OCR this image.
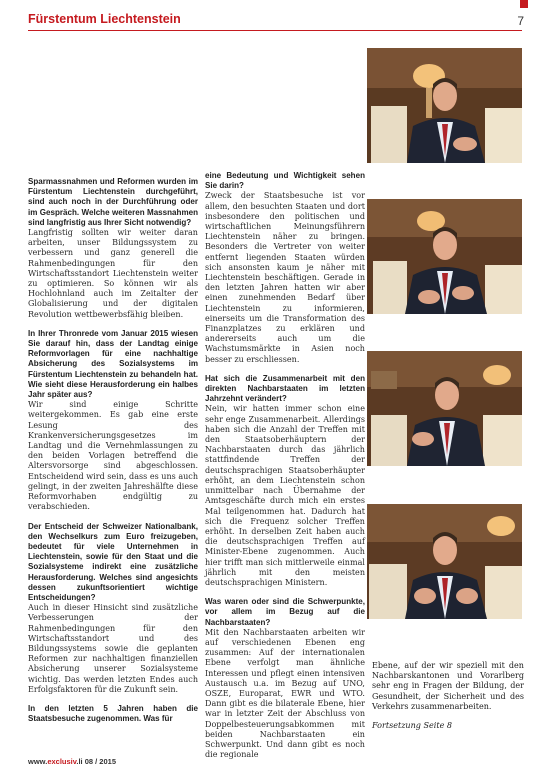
Fürstentum Liechtenstein	7

Sparmassnahmen und Reformen wurden im Fürstentum Liechtenstein durchgeführt, sind auch noch in der Durchführung oder im Gespräch. Welche weiteren Massnahmen sind langfristig aus Ihrer Sicht notwendig?
Langfristig sollten wir weiter daran arbeiten, unser Bildungssystem zu verbessern und ganz generell die Rahmenbedingungen für den Wirtschaftsstandort Liechtenstein weiter zu optimieren. So können wir als Hochlohnland auch im Zeitalter der Globalisierung und der digitalen Revolution wettbewerbsfähig bleiben.

In Ihrer Thronrede vom Januar 2015 wiesen Sie darauf hin, dass der Landtag einige Reformvorlagen für eine nachhaltige Absicherung des Sozialsystems im Fürstentum Liechtenstein zu behandeln hat. Wie sieht diese Herausforderung ein halbes Jahr später aus?
Wir sind einige Schritte weitergekommen. Es gab eine erste Lesung des Krankenversicherungsgesetzes im Landtag und die Vernehmlassungen zu den beiden Vorlagen betreffend die Altersvorsorge sind abgeschlossen. Entscheidend wird sein, dass es uns auch gelingt, in der zweiten Jahreshälfte diese Reformvorhaben endgültig zu verabschieden.

Der Entscheid der Schweizer Nationalbank, den Wechselkurs zum Euro freizugeben, bedeutet für viele Unternehmen in Liechtenstein, sowie für den Staat und die Sozialsysteme indirekt eine zusätzliche Herausforderung. Welches sind angesichts dessen zukunftsorientiert wichtige Entscheidungen?
Auch in dieser Hinsicht sind zusätzliche Verbesserungen der Rahmenbedingungen für den Wirtschaftsstandort und des Bildungssystems sowie die geplanten Reformen zur nachhaltigen finanziellen Absicherung unserer Sozialsysteme wichtig. Das werden letzten Endes auch Erfolgsfaktoren für die Zukunft sein.

In den letzten 5 Jahren haben die Staatsbesuche zugenommen. Was für

eine Bedeutung und Wichtigkeit sehen Sie darin?
Zweck der Staatsbesuche ist vor allem, den besuchten Staaten und dort insbesondere den politischen und wirtschaftlichen Meinungsführern Liechtenstein näher zu bringen. Besonders die Vertreter von weiter entfernt liegenden Staaten würden sich ansonsten kaum je näher mit Liechtenstein beschäftigen. Gerade in den letzten Jahren hatten wir aber einen zunehmenden Bedarf über Liechtenstein zu informieren, einerseits um die Transformation des Finanzplatzes zu erklären und andererseits auch um die Wachstumsmärkte in Asien noch besser zu erschliessen.

Hat sich die Zusammenarbeit mit den direkten Nachbarstaaten im letzten Jahrzehnt verändert?
Nein, wir hatten immer schon eine sehr enge Zusammenarbeit. Allerdings haben sich die Anzahl der Treffen mit den Staatsoberhäuptern der Nachbarstaaten durch das jährlich stattfindende Treffen der deutschsprachigen Staatsoberhäupter erhöht, an dem Liechtenstein schon unmittelbar nach Übernahme der Amtsgeschäfte durch mich ein erstes Mal teilgenommen hat. Dadurch hat sich die Frequenz solcher Treffen erhöht. In derselben Zeit haben auch die deutschsprachigen Treffen auf Minister-Ebene zugenommen. Auch hier trifft man sich mittlerweile einmal jährlich mit den meisten deutschsprachigen Ministern.

Was waren oder sind die Schwerpunkte, vor allem im Bezug auf die Nachbarstaaten?
Mit den Nachbarstaaten arbeiten wir auf verschiedenen Ebenen eng zusammen: Auf der internationalen Ebene verfolgt man ähnliche Interessen und pflegt einen intensiven Austausch u.a. im Bezug auf UNO, OSZE, Europarat, EWR und WTO. Dann gibt es die bilaterale Ebene, hier war in letzter Zeit der Abschluss von Doppelbesteuerungsabkommen mit beiden Nachbarstaaten ein Schwerpunkt. Und dann gibt es noch die regionale

Ebene, auf der wir speziell mit den Nachbarskantonen und Vorarlberg sehr eng in Fragen der Bildung, der Gesundheit, der Sicherheit und des Verkehrs zusammenarbeiten.

Fortsetzung Seite 8

www.exclusiv.li 08 / 2015
